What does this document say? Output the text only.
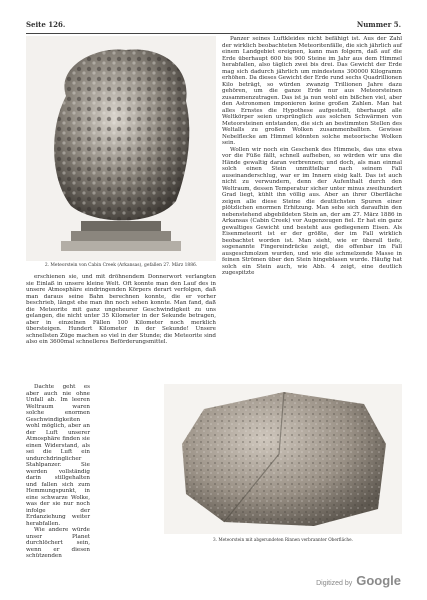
Seite 126.	Nummer 5.
2. Meteorstein von Cabin Creek (Arkansas), gefallen 27. März 1886.

Panzer seines Luftkleides nicht befähigt ist. Aus der Zahl der wirklich beobachteten Meteoritenfälle, die sich jährlich auf einem Landgebiet ereignen, kann man folgern, daß auf die Erde überhaupt 600 bis 900 Steine im Jahr aus dem Himmel herabfallen, also täglich zwei bis drei. Das Gewicht der Erde mag sich dadurch jährlich um mindestens 300000 Kilogramm erhöhen. Da dieses Gewicht der Erde rund sechs Quadrillionen Kilo beträgt, so würden zwanzig Trillionen Jahre dazu gehören, um die ganze Erde nur aus Meteorsteinen zusammenzutragen. Das ist ja nun wohl ein bißchen viel, aber den Astronomen imponieren keine großen Zahlen. Man hat alles Ernstes die Hypothese aufgestellt, überhaupt alle Weltkörper seien ursprünglich aus solchen Schwärmen von Meteorsteinen entstanden, die sich an bestimmten Stellen des Weltalls zu großen Wolken zusammenballten. Gewisse Nebelflecke am Himmel könnten solche meteorische Wolken sein.

Wollen wir noch ein Geschenk des Himmels, das uns etwa vor die Füße fällt, schnell aufheben, so würden wir uns die Hände gewaltig daran verbrennen; und doch, als man einmal solch einen Stein unmittelbar nach seinem Fall auseinanderschlug, war er im Innern eisig kalt. Das ist auch nicht zu verwundern, denn der Aufenthalt durch den Weltraum, dessen Temperatur sicher unter minus zweihundert Grad liegt, kühlt ihn völlig aus. Aber an ihrer Oberfläche zeigen alle diese Steine die deutlichsten Spuren einer plötzlichen enormen Erhitzung. Man sehe sich daraufhin den nebenstehend abgebildeten Stein an, der am 27. März 1886 in Arkansas (Cabin Creek) vor Augenzeugen fiel. Er hat ein ganz gewaltiges Gewicht und besteht aus gediegenem Eisen. Als Eisenmeteorit ist er der größte, der im Fall wirklich beobachtet worden ist. Man sieht, wie er überall tiefe, sogenannte Fingereindrücke zeigt, die offenbar im Fall ausgeschmolzen wurden, und wie die schmelzende Masse in feinen Strömen über den Stein hingeblasen wurde. Häufig hat solch ein Stein auch, wie Abb. 4 zeigt, eine deutlich zugespitzte

erschienen sie, und mit dröhnendem Donnerwort verlangten sie Einlaß in unsere kleine Welt. Oft konnte man den Lauf des in unsere Atmosphäre eindringenden Körpers derart verfolgen, daß man daraus seine Bahn berechnen konnte, die er vorher beschrieb, längst ehe man ihn noch sehen konnte. Man fand, daß die Meteorite mit ganz ungeheurer Geschwindigkeit zu uns gelangen, die nicht unter 35 Kilometer in der Sekunde betragen, aber in einzelnen Fällen 100 Kilometer noch merklich übersteigen. Hundert Kilometer in der Sekunde! Unsere schnellsten Züge machen so viel in der Stunde; die Meteorite sind also ein 3600mal schnelleres Beförderungsmittel.

Dachte geht es aber auch nie ohne Unfall ab. Im leeren Weltraum waren solche enormen Geschwindigkeiten wohl möglich, aber an der Luft unserer Atmosphäre finden sie einen Widerstand, als sei die Luft ein undurchdringlicher Stahlpanzer. Sie werden vollständig darin stillgehalten und fallen sich zum Hemmungspunkt, in eine schwarze Wolke, was der sie nur noch infolge der Erdanziehung weiter herabfallen.

Wie andere würde unser Planet durchlöchert sein, wenn er diesen schützenden

3. Meteorstein mit abgerundeten Rinnen verbrannter Oberfläche.
Digitized by Google
